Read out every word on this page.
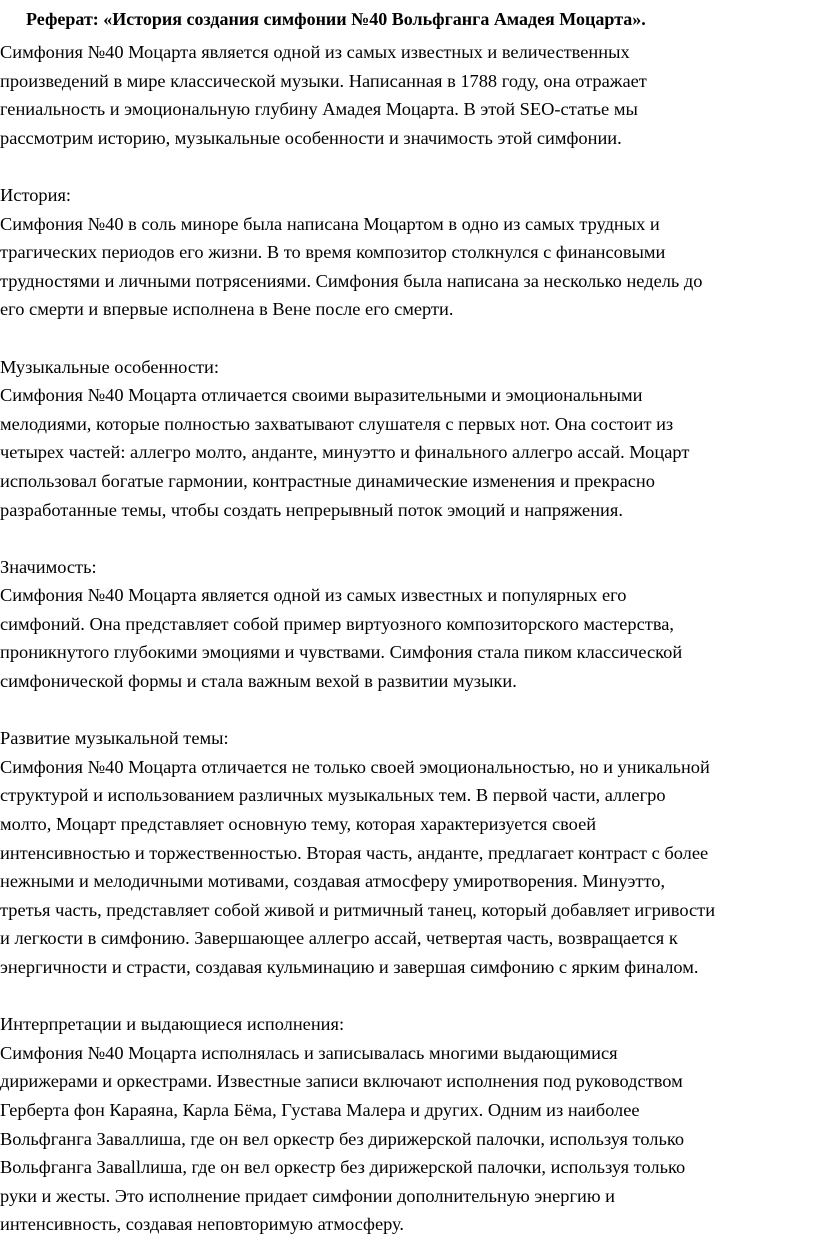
Реферат: «История создания симфонии №40 Вольфганга Амадея Моцарта».
Симфония №40 Моцарта является одной из самых известных и величественных
произведений в мире классической музыки. Написанная в 1788 году, она отражает
гениальность и эмоциональную глубину Амадея Моцарта. В этой SEO-статье мы
рассмотрим историю, музыкальные особенности и значимость этой симфонии.
История:
Симфония №40 в соль миноре была написана Моцартом в одно из самых трудных и
трагических периодов его жизни. В то время композитор столкнулся с финансовыми
трудностями и личными потрясениями. Симфония была написана за несколько недель до
его смерти и впервые исполнена в Вене после его смерти.
Музыкальные особенности:
Симфония №40 Моцарта отличается своими выразительными и эмоциональными
мелодиями, которые полностью захватывают слушателя с первых нот. Она состоит из
четырех частей: аллегро молто, анданте, минуэтто и финального аллегро ассай. Моцарт
использовал богатые гармонии, контрастные динамические изменения и прекрасно
разработанные темы, чтобы создать непрерывный поток эмоций и напряжения.
Значимость:
Симфония №40 Моцарта является одной из самых известных и популярных его
симфоний. Она представляет собой пример виртуозного композиторского мастерства,
проникнутого глубокими эмоциями и чувствами. Симфония стала пиком классической
симфонической формы и стала важным вехой в развитии музыки.
Развитие музыкальной темы:
Симфония №40 Моцарта отличается не только своей эмоциональностью, но и уникальной
структурой и использованием различных музыкальных тем. В первой части, аллегро
молто, Моцарт представляет основную тему, которая характеризуется своей
интенсивностью и торжественностью. Вторая часть, анданте, предлагает контраст с более
нежными и мелодичными мотивами, создавая атмосферу умиротворения. Минуэтто,
третья часть, представляет собой живой и ритмичный танец, который добавляет игривости
и легкости в симфонию. Завершающее аллегро ассай, четвертая часть, возвращается к
энергичности и страсти, создавая кульминацию и завершая симфонию с ярким финалом.
Интерпретации и выдающиеся исполнения:
Симфония №40 Моцарта исполнялась и записывалась многими выдающимися
дирижерами и оркестрами. Известные записи включают исполнения под руководством
Герберта фон Караяна, Карла Бёма, Густава Малера и других. Одним из наиболее
Вольфганга Заваллиша, где он вел оркестр без дирижерской палочки, используя только
Вольфганга Завallлиша, где он вел оркестр без дирижерской палочки, используя только
руки и жесты. Это исполнение придает симфонии дополнительную энергию и
интенсивность, создавая неповторимую атмосферу.
